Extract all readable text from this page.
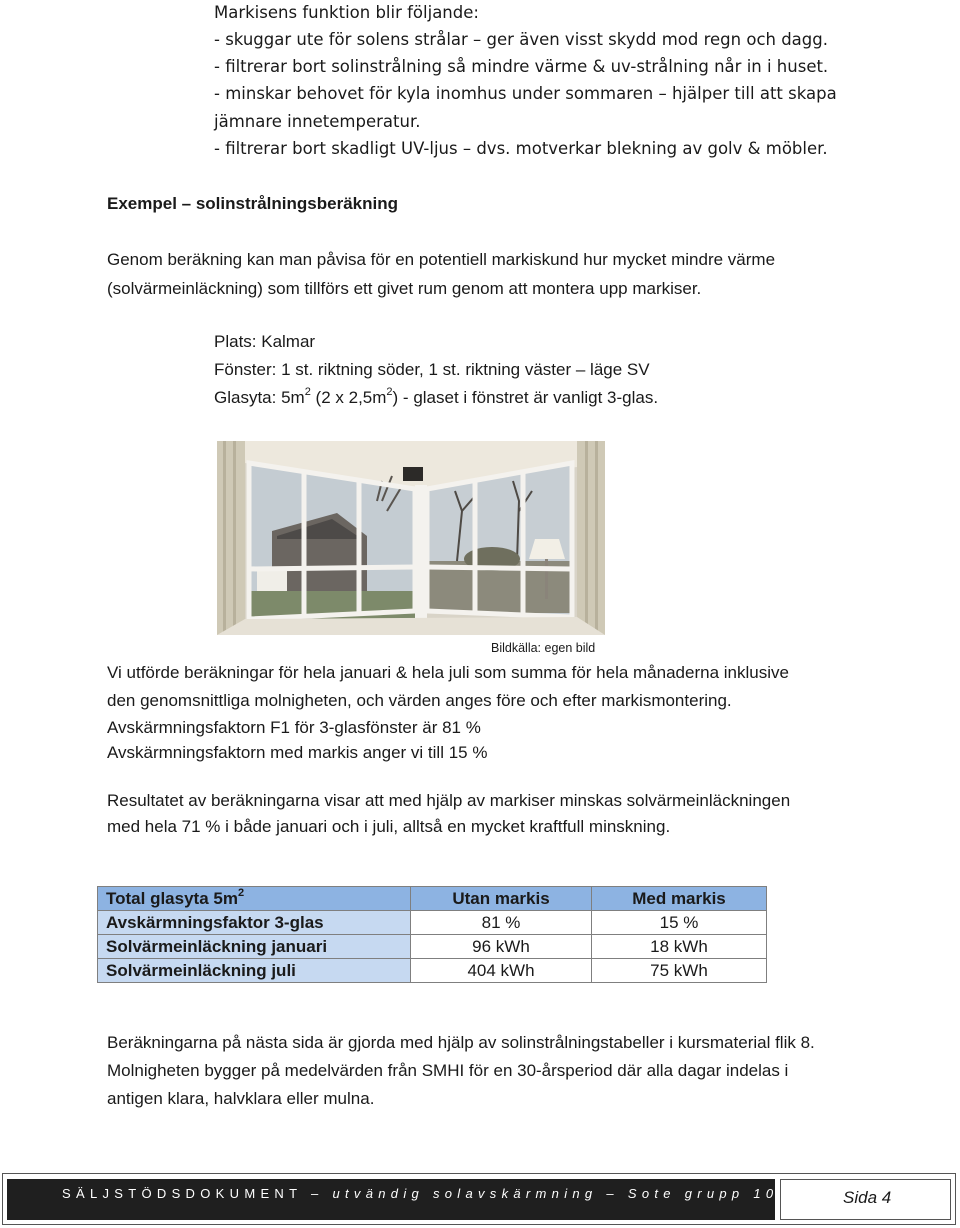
Markisens funktion blir följande:
- skuggar ute för solens strålar – ger även visst skydd mod regn och dagg.
- filtrerar bort solinstrålning så mindre värme & uv-strålning når in i huset.
- minskar behovet för kyla inomhus under sommaren – hjälper till att skapa
jämnare innetemperatur.
- filtrerar bort skadligt UV-ljus – dvs. motverkar blekning av golv & möbler.
Exempel – solinstrålningsberäkning
Genom beräkning kan man påvisa för en potentiell markiskund hur mycket mindre värme
(solvärmeinläckning) som tillförs ett givet rum genom att montera upp markiser.
Plats: Kalmar
Fönster: 1 st. riktning söder, 1 st. riktning väster – läge SV
Glasyta: $5m^2$ (2 x $2,5m^2$) - glaset i fönstret är vanligt 3-glas.
Bildkälla: egen bild
Vi utförde beräkningar för hela januari & hela juli som summa för hela månaderna inklusive
den genomsnittliga molnigheten, och värden anges före och efter markismontering.
Avskärmningsfaktorn F1 för 3-glasfönster är 81 %
Avskärmningsfaktorn med markis anger vi till 15 %
Resultatet av beräkningarna visar att med hjälp av markiser minskas solvärmeinläckningen
med hela 71 % i både januari och i juli, alltså en mycket kraftfull minskning.
Total glasyta $5m^2$	Utan markis	Med markis
Avskärmningsfaktor 3-glas	81 %	15 %
Solvärmeinläckning januari	96 kWh	18 kWh
Solvärmeinläckning juli	404 kWh	75 kWh
Beräkningarna på nästa sida är gjorda med hjälp av solinstrålningstabeller i kursmaterial flik 8.
Molnigheten bygger på medelvärden från SMHI för en 30-årsperiod där alla dagar indelas i
antigen klara, halvklara eller mulna.
SÄLJSTÖDSDOKUMENT – utvändig solavskärmning – Sote grupp 10	Sida 4
